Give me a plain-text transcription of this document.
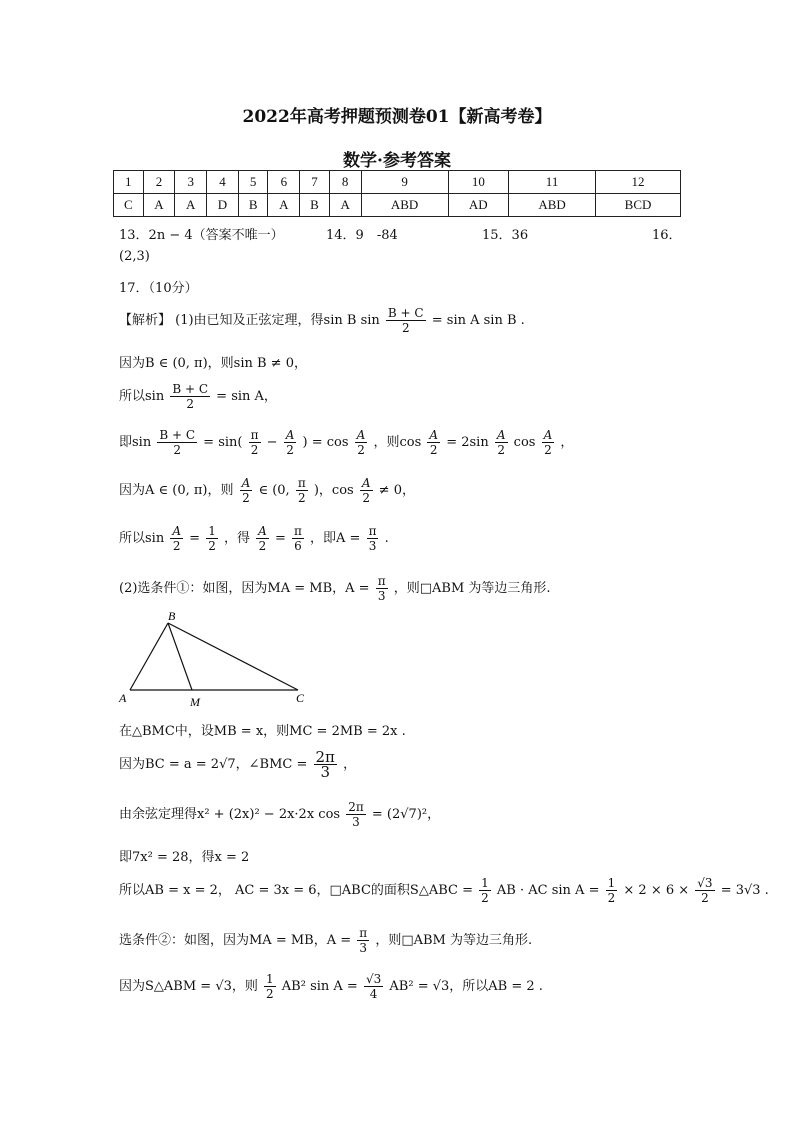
2022年高考押题预测卷01【新高考卷】
数学·参考答案
1	2	3	4	5	6	7	8	9	10	11	12
C	A	A	D	B	A	B	A	ABD	AD	ABD	BCD
13．2n − 4（答案不唯一）	14．9　-84	15．36	16．
(2,3)
17．（10分）
【解析】 (1)由已知及正弦定理，得sin B $\sin \frac{B + C}{2} = \sin A$ sin B .
因为B ∈ (0, π)，则sin B ≠ 0，
所以$\sin \frac{B + C}{2} = \sin A$，
即$\sin \frac{B + C}{2} = \sin( \frac{\pi}{2} - \frac{A}{2}$ ) = $\cos \frac{A}{2}$ ，则$\cos \frac{A}{2} = 2\sin \frac{A}{2}$ $\cos \frac{A}{2}$ ，
因为A ∈ (0, π)，则 $\frac{A}{2}$ ∈ (0, $\frac{\pi}{2}$ )，$\cos \frac{A}{2} \ne 0$，
所以$\sin \frac{A}{2} = \frac{1}{2}$ ，得 $\frac{A}{2} = \frac{\pi}{6}$ ，即$A = \frac{\pi}{3}$ .
(2)选条件①：如图，因为MA = MB，$A = \frac{\pi}{3}$ ，则□ABM 为等边三角形.
B
A	M	C
在△BMC中，设MB = x，则MC = 2MB = 2x .
因为BC = a = 2√7，∠BMC = $\frac{2\pi}{3}$ ，
由余弦定理得x² + (2x)² − 2x·2x $\cos \frac{2\pi}{3} = (2√7)^2$，
即7x² = 28，得x = 2
所以AB = x = 2， AC = 3x = 6，□ABC的面积S△ABC = $\frac{1}{2}$ AB · AC $\sin A = \frac{1}{2} \times 2 \times 6 \times \frac{√3}{2} = 3√3$ .
选条件②：如图，因为MA = MB，$A = \frac{\pi}{3}$ ，则□ABM 为等边三角形.
因为S△ABM = √3，则 $\frac{1}{2} AB^2$ $\sin A = \frac{√3}{4} AB^2 = √3$，所以AB = 2 .
